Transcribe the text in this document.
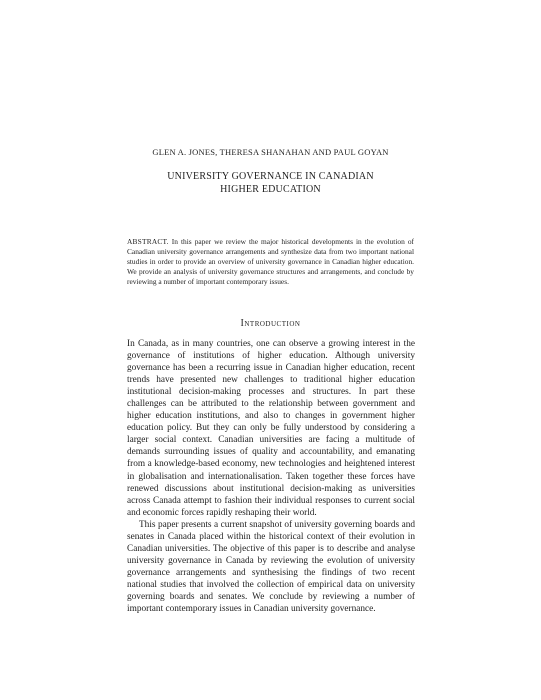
GLEN A. JONES, THERESA SHANAHAN AND PAUL GOYAN
UNIVERSITY GOVERNANCE IN CANADIAN HIGHER EDUCATION
ABSTRACT. In this paper we review the major historical developments in the evolution of Canadian university governance arrangements and synthesize data from two important national studies in order to provide an overview of university governance in Canadian higher education. We provide an analysis of university governance structures and arrangements, and conclude by reviewing a number of important contemporary issues.
Introduction

In Canada, as in many countries, one can observe a growing interest in the governance of institutions of higher education. Although university governance has been a recurring issue in Canadian higher education, recent trends have presented new challenges to traditional higher education institutional decision-making processes and structures. In part these challenges can be attributed to the relationship between government and higher education institutions, and also to changes in government higher education policy. But they can only be fully understood by considering a larger social context. Canadian universities are facing a multitude of demands surrounding issues of quality and accountability, and emanating from a knowledge-based economy, new technologies and heightened interest in globalisation and internationalisation. Taken together these forces have renewed discussions about institutional decision-making as universities across Canada attempt to fashion their individual responses to current social and economic forces rapidly reshaping their world.

This paper presents a current snapshot of university governing boards and senates in Canada placed within the historical context of their evolution in Canadian universities. The objective of this paper is to describe and analyse university governance in Canada by reviewing the evolution of university governance arrangements and synthesising the findings of two recent national studies that involved the collection of empirical data on university governing boards and senates. We conclude by reviewing a number of important contemporary issues in Canadian university governance.
